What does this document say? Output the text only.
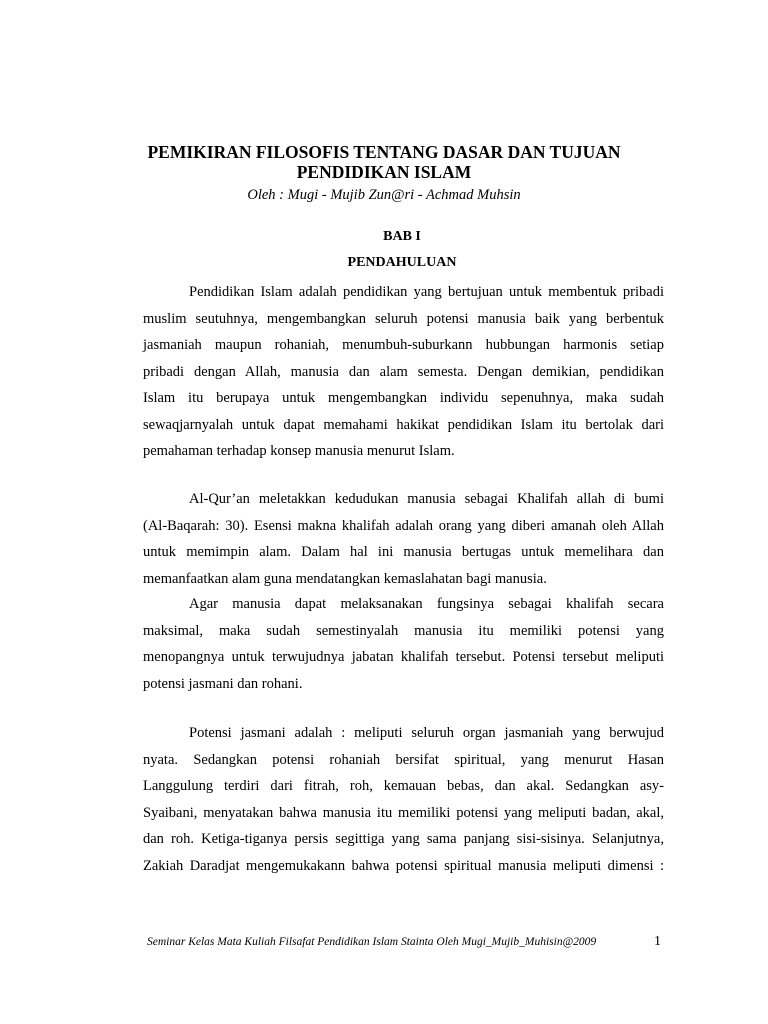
PEMIKIRAN FILOSOFIS TENTANG DASAR DAN TUJUAN PENDIDIKAN ISLAM
Oleh : Mugi - Mujib Zun@ri - Achmad Muhsin
BAB I
PENDAHULUAN
Pendidikan Islam adalah pendidikan yang bertujuan untuk membentuk pribadi
muslim seutuhnya, mengembangkan seluruh potensi manusia baik yang berbentuk
jasmaniah maupun rohaniah, menumbuh-suburkann hubbungan harmonis setiap
pribadi dengan Allah, manusia dan alam semesta. Dengan demikian, pendidikan
Islam itu berupaya untuk mengembangkan individu sepenuhnya, maka sudah
sewaqjarnyalah untuk dapat memahami hakikat pendidikan Islam itu bertolak dari
pemahaman terhadap konsep manusia menurut Islam.
Al-Qur’an meletakkan kedudukan manusia sebagai Khalifah allah di bumi
(Al-Baqarah: 30). Esensi makna khalifah adalah orang yang diberi amanah oleh Allah
untuk memimpin alam. Dalam hal ini manusia bertugas untuk memelihara dan
memanfaatkan alam guna mendatangkan kemaslahatan bagi manusia.
Agar manusia dapat melaksanakan fungsinya sebagai khalifah secara
maksimal, maka sudah semestinyalah manusia itu memiliki potensi yang
menopangnya untuk terwujudnya jabatan khalifah tersebut. Potensi tersebut meliputi
potensi jasmani dan rohani.
Potensi jasmani adalah : meliputi seluruh organ jasmaniah yang berwujud
nyata. Sedangkan potensi rohaniah bersifat spiritual, yang menurut Hasan
Langgulung terdiri dari fitrah, roh, kemauan bebas, dan akal. Sedangkan asy-
Syaibani, menyatakan bahwa manusia itu memiliki potensi yang meliputi badan, akal,
dan roh. Ketiga-tiganya persis segittiga yang sama panjang sisi-sisinya. Selanjutnya,
Zakiah Daradjat mengemukakann bahwa potensi spiritual manusia meliputi dimensi :
Seminar Kelas Mata Kuliah Filsafat Pendidikan Islam Stainta Oleh Mugi_Mujib_Muhisin@2009	1
